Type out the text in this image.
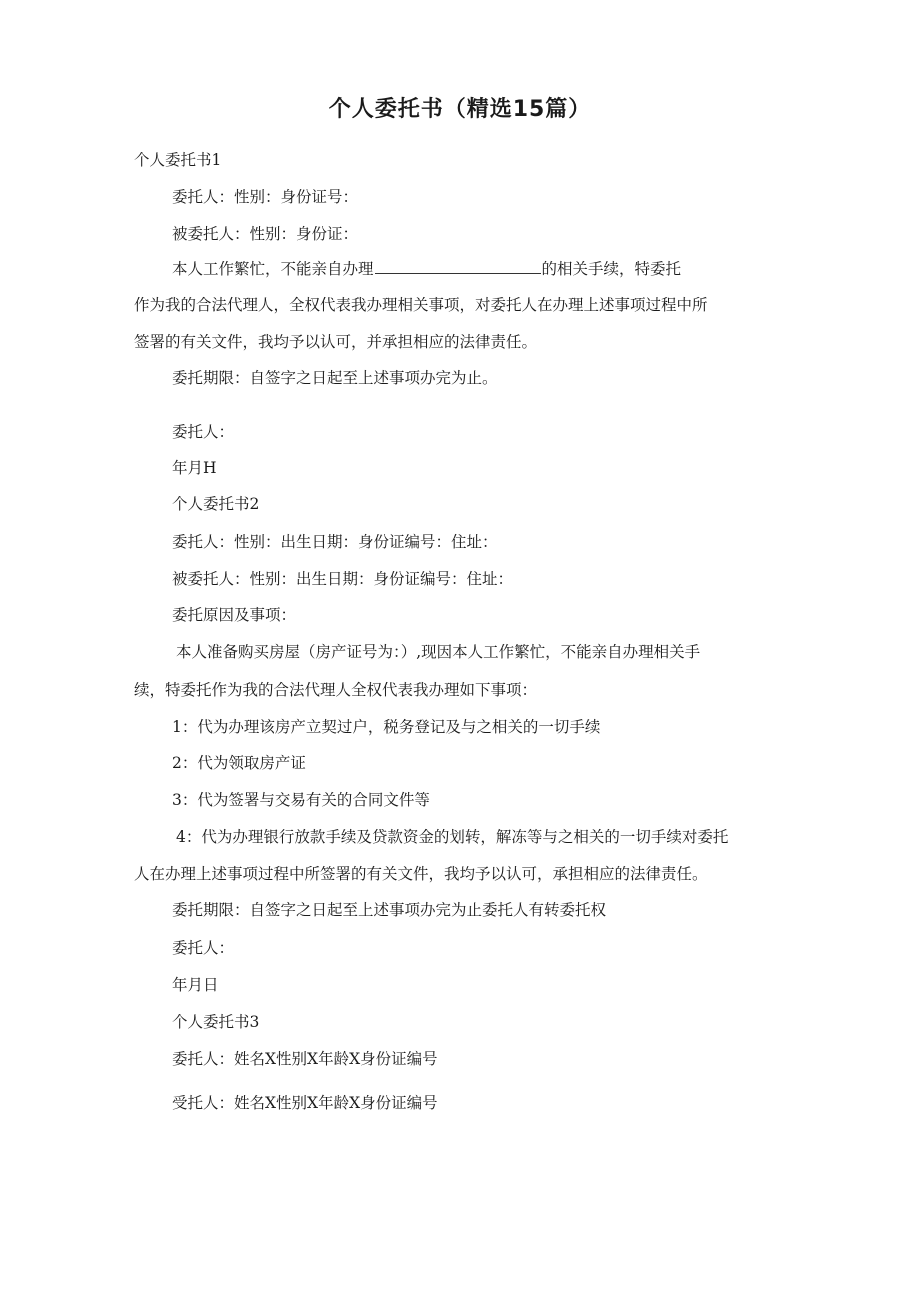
个人委托书（精选15篇）

个人委托书1

委托人：性别：身份证号：

被委托人：性别：身份证：

本人工作繁忙，不能亲自办理	的相关手续，特委托

作为我的合法代理人，全权代表我办理相关事项，对委托人在办理上述事项过程中所

签署的有关文件，我均予以认可，并承担相应的法律责任。

委托期限：自签字之日起至上述事项办完为止。

委托人：

年月H

个人委托书2

委托人：性别：出生日期：身份证编号：住址：

被委托人：性别：出生日期：身份证编号：住址：

委托原因及事项：

本人准备购买房屋（房产证号为：）,现因本人工作繁忙，不能亲自办理相关手

续，特委托作为我的合法代理人全权代表我办理如下事项：

1：代为办理该房产立契过户，税务登记及与之相关的一切手续

2：代为领取房产证

3：代为签署与交易有关的合同文件等

4：代为办理银行放款手续及贷款资金的划转，解冻等与之相关的一切手续对委托

人在办理上述事项过程中所签署的有关文件，我均予以认可，承担相应的法律责任。

委托期限：自签字之日起至上述事项办完为止委托人有转委托权

委托人：

年月日

个人委托书3

委托人：姓名X性别X年龄X身份证编号

受托人：姓名X性别X年龄X身份证编号
